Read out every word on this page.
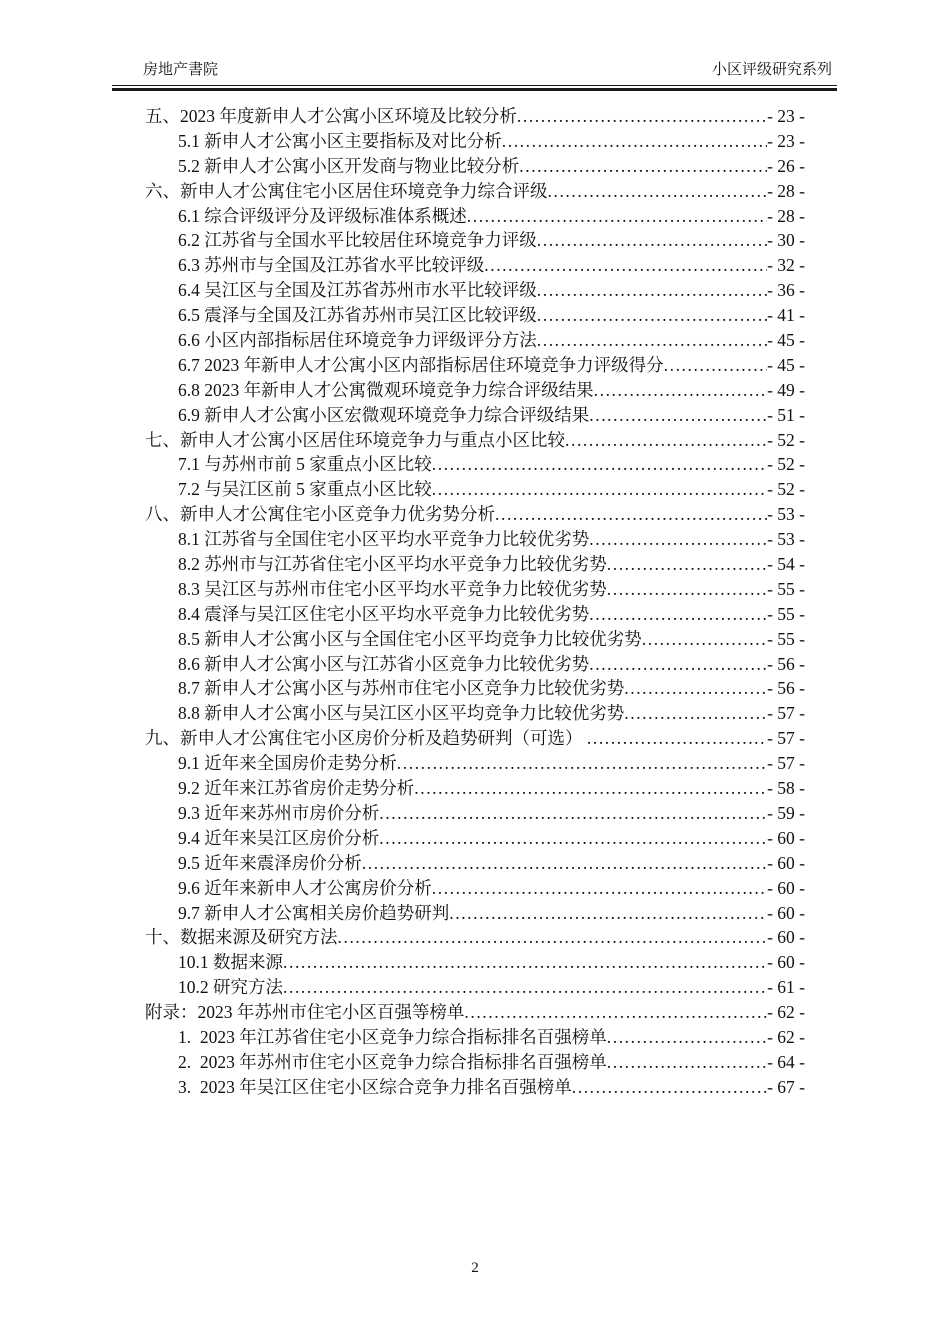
房地产書院	小区评级研究系列
五、2023 年度新申人才公寓小区环境及比较分析 .....	- 23 -
5.1 新申人才公寓小区主要指标及对比分析 .....	- 23 -
5.2 新申人才公寓小区开发商与物业比较分析 .....	- 26 -
六、新申人才公寓住宅小区居住环境竞争力综合评级 .....	- 28 -
6.1 综合评级评分及评级标准体系概述 .....	- 28 -
6.2 江苏省与全国水平比较居住环境竞争力评级 .....	- 30 -
6.3 苏州市与全国及江苏省水平比较评级 .....	- 32 -
6.4 吴江区与全国及江苏省苏州市水平比较评级 .....	- 36 -
6.5 震泽与全国及江苏省苏州市吴江区比较评级 .....	- 41 -
6.6 小区内部指标居住环境竞争力评级评分方法 .....	- 45 -
6.7 2023 年新申人才公寓小区内部指标居住环境竞争力评级得分 .....	- 45 -
6.8 2023 年新申人才公寓微观环境竞争力综合评级结果 .....	- 49 -
6.9 新申人才公寓小区宏微观环境竞争力综合评级结果 .....	- 51 -
七、新申人才公寓小区居住环境竞争力与重点小区比较 .....	- 52 -
7.1 与苏州市前 5 家重点小区比较 .....	- 52 -
7.2 与吴江区前 5 家重点小区比较 .....	- 52 -
八、新申人才公寓住宅小区竞争力优劣势分析 .....	- 53 -
8.1 江苏省与全国住宅小区平均水平竞争力比较优劣势 .....	- 53 -
8.2 苏州市与江苏省住宅小区平均水平竞争力比较优劣势 .....	- 54 -
8.3 吴江区与苏州市住宅小区平均水平竞争力比较优劣势 .....	- 55 -
8.4 震泽与吴江区住宅小区平均水平竞争力比较优劣势 .....	- 55 -
8.5 新申人才公寓小区与全国住宅小区平均竞争力比较优劣势 .....	- 55 -
8.6 新申人才公寓小区与江苏省小区竞争力比较优劣势 .....	- 56 -
8.7 新申人才公寓小区与苏州市住宅小区竞争力比较优劣势 .....	- 56 -
8.8 新申人才公寓小区与吴江区小区平均竞争力比较优劣势 .....	- 57 -
九、新申人才公寓住宅小区房价分析及趋势研判（可选） .....	- 57 -
9.1 近年来全国房价走势分析 .....	- 57 -
9.2 近年来江苏省房价走势分析 .....	- 58 -
9.3 近年来苏州市房价分析 .....	- 59 -
9.4 近年来吴江区房价分析 .....	- 60 -
9.5 近年来震泽房价分析 .....	- 60 -
9.6 近年来新申人才公寓房价分析 .....	- 60 -
9.7 新申人才公寓相关房价趋势研判 .....	- 60 -
十、数据来源及研究方法 .....	- 60 -
10.1 数据来源 .....	- 60 -
10.2 研究方法 .....	- 61 -
附录：2023 年苏州市住宅小区百强等榜单 .....	- 62 -
1.  2023 年江苏省住宅小区竞争力综合指标排名百强榜单 .....	- 62 -
2.  2023 年苏州市住宅小区竞争力综合指标排名百强榜单 .....	- 64 -
3.  2023 年吴江区住宅小区综合竞争力排名百强榜单 .....	- 67 -
2
